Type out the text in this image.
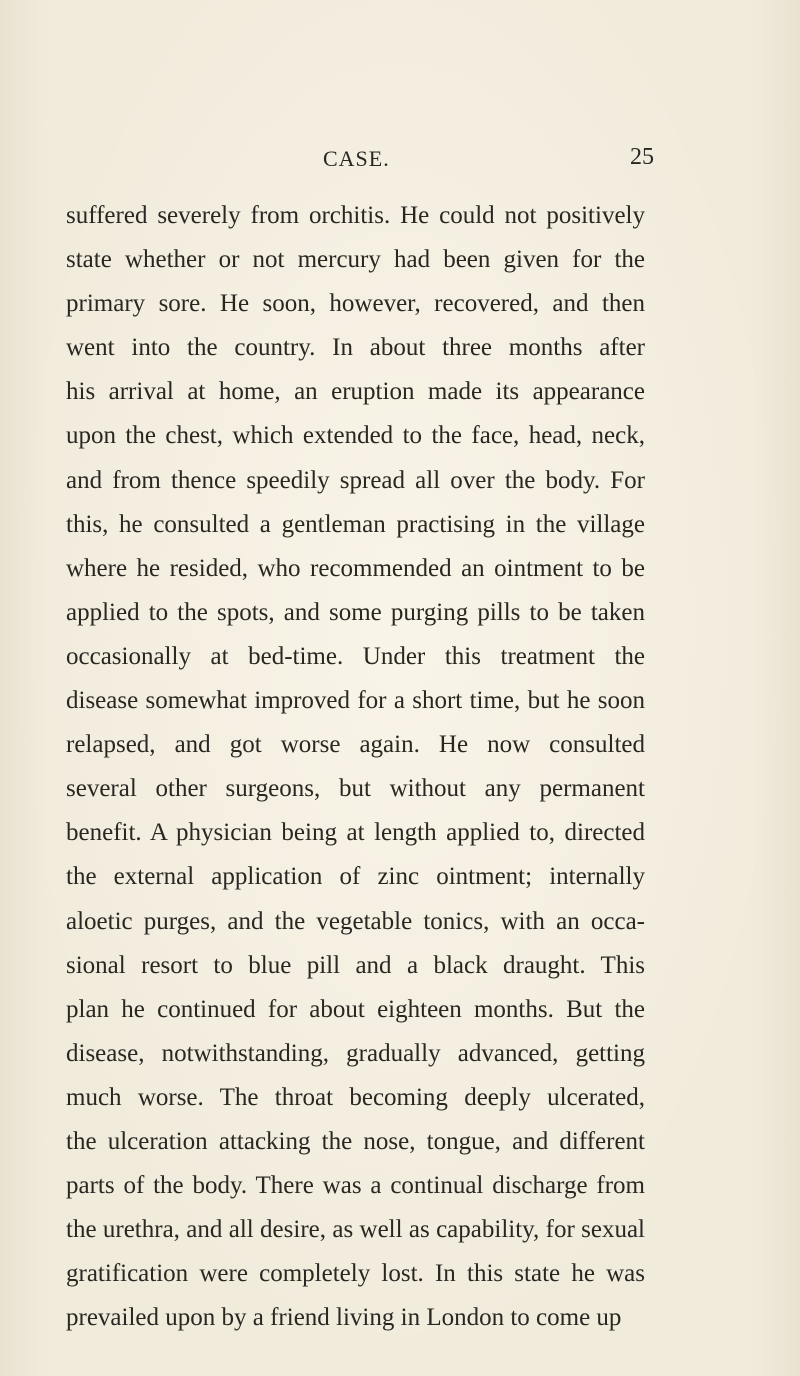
CASE.	25
suffered severely from orchitis. He could not positively
state whether or not mercury had been given for the
primary sore. He soon, however, recovered, and then
went into the country. In about three months after
his arrival at home, an eruption made its appearance
upon the chest, which extended to the face, head, neck,
and from thence speedily spread all over the body. For
this, he consulted a gentleman practising in the village
where he resided, who recommended an ointment to be
applied to the spots, and some purging pills to be taken
occasionally at bed-time. Under this treatment the
disease somewhat improved for a short time, but he soon
relapsed, and got worse again. He now consulted
several other surgeons, but without any permanent
benefit. A physician being at length applied to, directed
the external application of zinc ointment; internally
aloetic purges, and the vegetable tonics, with an occa-
sional resort to blue pill and a black draught. This
plan he continued for about eighteen months. But the
disease, notwithstanding, gradually advanced, getting
much worse. The throat becoming deeply ulcerated,
the ulceration attacking the nose, tongue, and different
parts of the body. There was a continual discharge from
the urethra, and all desire, as well as capability, for sexual
gratification were completely lost. In this state he was
prevailed upon by a friend living in London to come up
